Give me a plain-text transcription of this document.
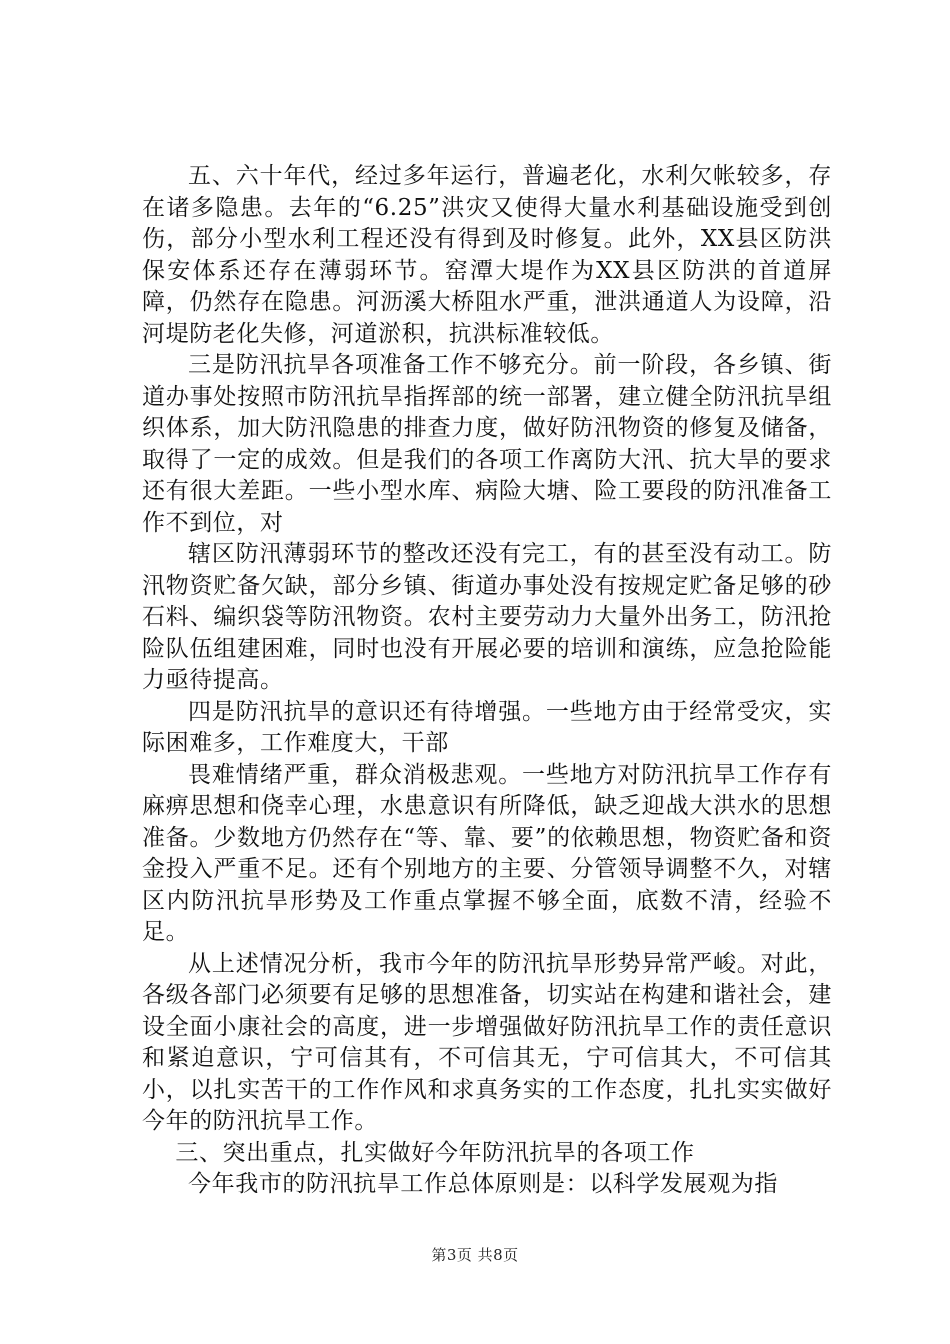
五、六十年代，经过多年运行，普遍老化，水利欠帐较多，存在诸多隐患。去年的“6.25”洪灾又使得大量水利基础设施受到创伤，部分小型水利工程还没有得到及时修复。此外，XX县区防洪保安体系还存在薄弱环节。窑潭大堤作为XX县区防洪的首道屏障，仍然存在隐患。河沥溪大桥阻水严重，泄洪通道人为设障，沿河堤防老化失修，河道淤积，抗洪标准较低。

三是防汛抗旱各项准备工作不够充分。前一阶段，各乡镇、街道办事处按照市防汛抗旱指挥部的统一部署，建立健全防汛抗旱组织体系，加大防汛隐患的排查力度，做好防汛物资的修复及储备，取得了一定的成效。但是我们的各项工作离防大汛、抗大旱的要求还有很大差距。一些小型水库、病险大塘、险工要段的防汛准备工作不到位，对

辖区防汛薄弱环节的整改还没有完工，有的甚至没有动工。防汛物资贮备欠缺，部分乡镇、街道办事处没有按规定贮备足够的砂石料、编织袋等防汛物资。农村主要劳动力大量外出务工，防汛抢险队伍组建困难，同时也没有开展必要的培训和演练，应急抢险能力亟待提高。

四是防汛抗旱的意识还有待增强。一些地方由于经常受灾，实际困难多，工作难度大，干部

畏难情绪严重，群众消极悲观。一些地方对防汛抗旱工作存有麻痹思想和侥幸心理，水患意识有所降低，缺乏迎战大洪水的思想准备。少数地方仍然存在“等、靠、要”的依赖思想，物资贮备和资金投入严重不足。还有个别地方的主要、分管领导调整不久，对辖区内防汛抗旱形势及工作重点掌握不够全面，底数不清，经验不足。

从上述情况分析，我市今年的防汛抗旱形势异常严峻。对此，各级各部门必须要有足够的思想准备，切实站在构建和谐社会，建设全面小康社会的高度，进一步增强做好防汛抗旱工作的责任意识和紧迫意识，宁可信其有，不可信其无，宁可信其大，不可信其小，以扎实苦干的工作作风和求真务实的工作态度，扎扎实实做好今年的防汛抗旱工作。

三、突出重点，扎实做好今年防汛抗旱的各项工作

今年我市的防汛抗旱工作总体原则是：以科学发展观为指

第3页 共8页
